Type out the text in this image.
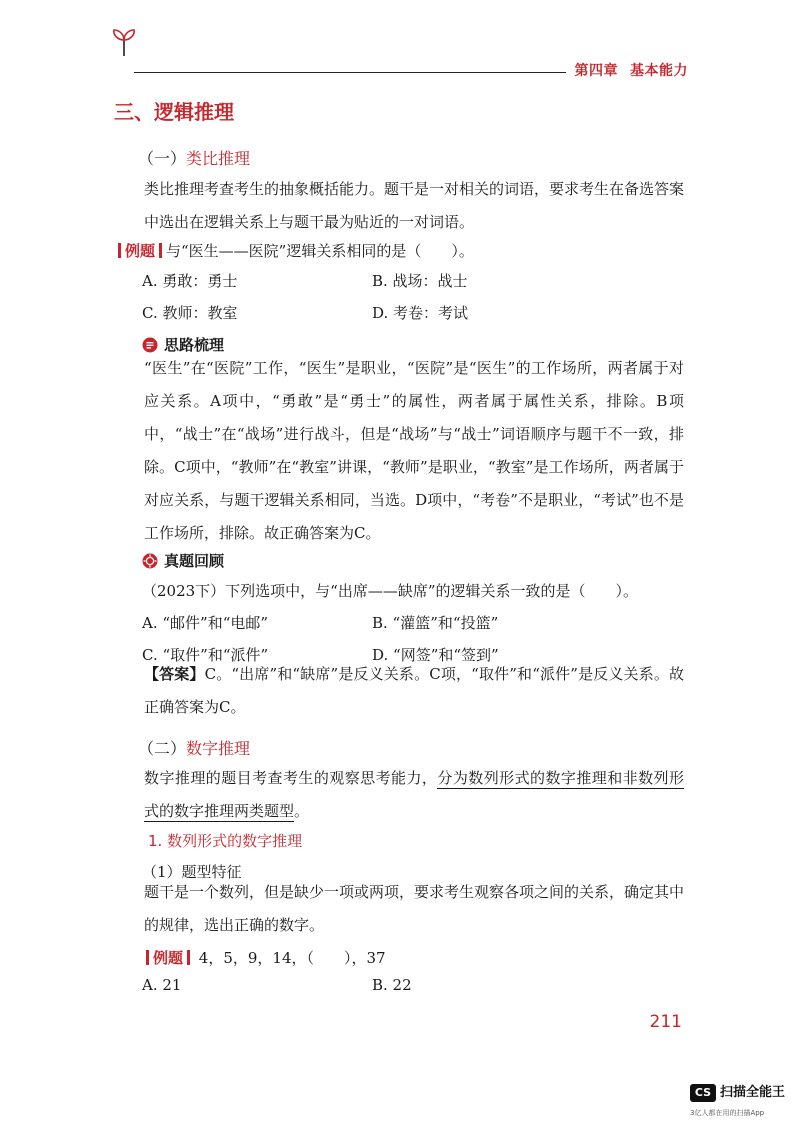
第四章 基本能力
三、逻辑推理
（一）类比推理
类比推理考查考生的抽象概括能力。题干是一对相关的词语，要求考生在备选答案中选出在逻辑关系上与题干最为贴近的一对词语。
例题 与“医生——医院”逻辑关系相同的是（　　）。
A. 勇敢：勇士	B. 战场：战士
C. 教师：教室	D. 考卷：考试
思路梳理
“医生”在“医院”工作，“医生”是职业，“医院”是“医生”的工作场所，两者属于对应关系。A项中，“勇敢”是“勇士”的属性，两者属于属性关系，排除。B项中，“战士”在“战场”进行战斗，但是“战场”与“战士”词语顺序与题干不一致，排除。C项中，“教师”在“教室”讲课，“教师”是职业，“教室”是工作场所，两者属于对应关系，与题干逻辑关系相同，当选。D项中，“考卷”不是职业，“考试”也不是工作场所，排除。故正确答案为C。
真题回顾
（2023下）下列选项中，与“出席——缺席”的逻辑关系一致的是（　　）。
A. “邮件”和“电邮”	B. “灌篮”和“投篮”
C. “取件”和“派件”	D. “网签”和“签到”
【答案】C。“出席”和“缺席”是反义关系。C项，“取件”和“派件”是反义关系。故正确答案为C。
（二）数字推理
数字推理的题目考查考生的观察思考能力，分为数列形式的数字推理和非数列形式的数字推理两类题型。
1. 数列形式的数字推理
（1）题型特征
题干是一个数列，但是缺少一项或两项，要求考生观察各项之间的关系，确定其中的规律，选出正确的数字。
例题 4，5，9，14，（　　），37
A. 21	B. 22
211
CS 扫描全能王
3亿人都在用的扫描App
